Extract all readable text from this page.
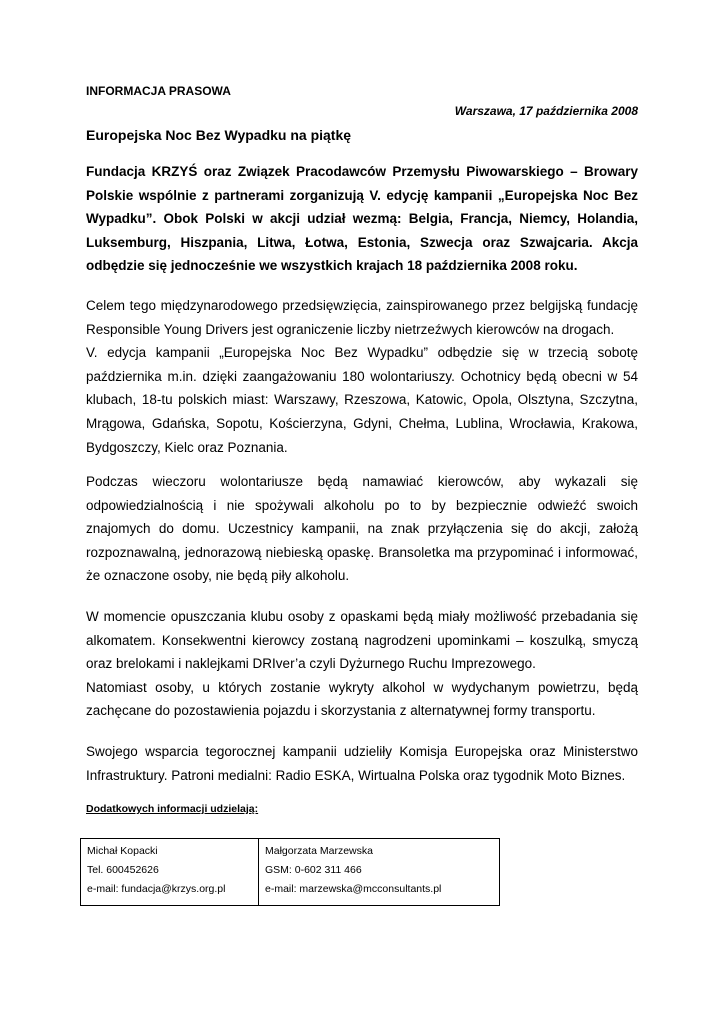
INFORMACJA PRASOWA
Warszawa, 17 października 2008
Europejska Noc Bez Wypadku na piątkę

Fundacja KRZYŚ oraz Związek Pracodawców Przemysłu Piwowarskiego – Browary Polskie wspólnie z partnerami zorganizują V. edycję kampanii „Europejska Noc Bez Wypadku”. Obok Polski w akcji udział wezmą: Belgia, Francja, Niemcy, Holandia, Luksemburg, Hiszpania, Litwa, Łotwa, Estonia, Szwecja oraz Szwajcaria. Akcja odbędzie się jednocześnie we wszystkich krajach 18 października 2008 roku.

Celem tego międzynarodowego przedsięwzięcia, zainspirowanego przez belgijską fundację Responsible Young Drivers jest ograniczenie liczby nietrzeźwych kierowców na drogach.
V. edycja kampanii „Europejska Noc Bez Wypadku” odbędzie się w trzecią sobotę października m.in. dzięki zaangażowaniu 180 wolontariuszy. Ochotnicy będą obecni w 54 klubach, 18-tu polskich miast: Warszawy, Rzeszowa, Katowic, Opola, Olsztyna, Szczytna, Mrągowa, Gdańska, Sopotu, Kościerzyna, Gdyni, Chełma, Lublina, Wrocławia, Krakowa, Bydgoszczy, Kielc oraz Poznania.
Podczas wieczoru wolontariusze będą namawiać kierowców, aby wykazali się odpowiedzialnością i nie spożywali alkoholu po to by bezpiecznie odwieźć swoich znajomych do domu. Uczestnicy kampanii, na znak przyłączenia się do akcji, założą rozpoznawalną, jednorazową niebieską opaskę. Bransoletka ma przypominać i informować, że oznaczone osoby, nie będą piły alkoholu.
W momencie opuszczania klubu osoby z opaskami będą miały możliwość przebadania się alkomatem. Konsekwentni kierowcy zostaną nagrodzeni upominkami – koszulką, smyczą oraz brelokami i naklejkami DRIver’a czyli Dyżurnego Ruchu Imprezowego.
Natomiast osoby, u których zostanie wykryty alkohol w wydychanym powietrzu, będą zachęcane do pozostawienia pojazdu i skorzystania z alternatywnej formy transportu.
Swojego wsparcia tegorocznej kampanii udzieliły Komisja Europejska oraz Ministerstwo Infrastruktury. Patroni medialni: Radio ESKA, Wirtualna Polska oraz tygodnik Moto Biznes.
Dodatkowych informacji udzielają:
Michał Kopacki
Tel. 600452626
e-mail: fundacja@krzys.org.pl
Małgorzata Marzewska
GSM: 0-602 311 466
e-mail: marzewska@mcconsultants.pl
